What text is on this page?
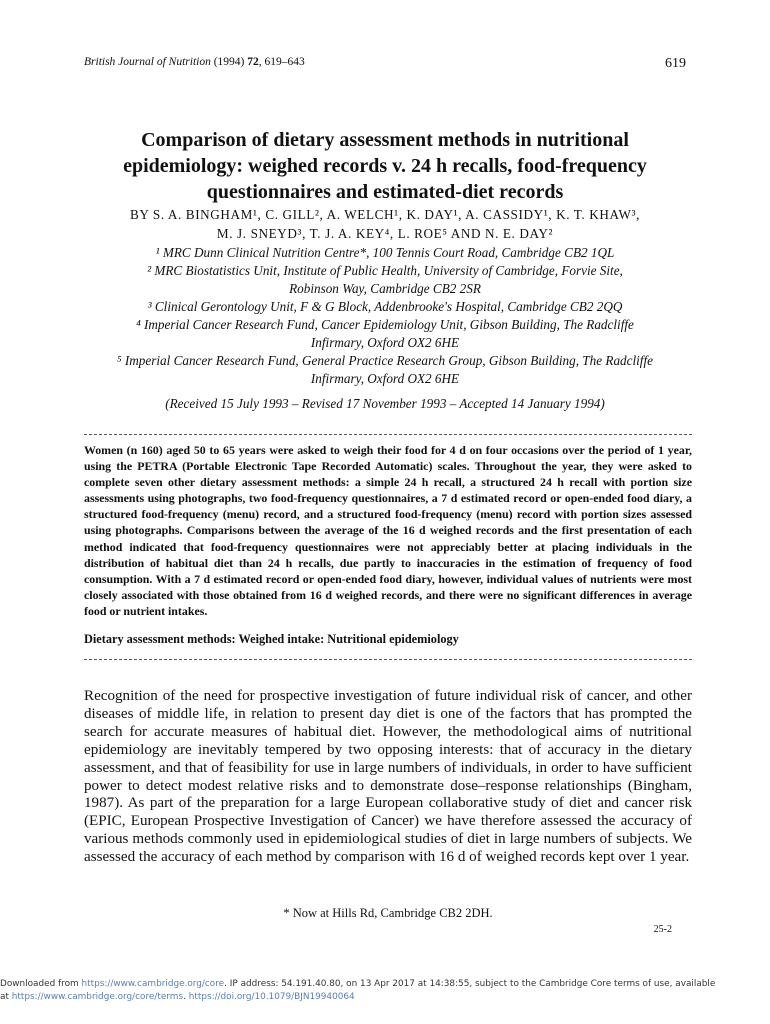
British Journal of Nutrition (1994) 72, 619–643	619
Comparison of dietary assessment methods in nutritional
epidemiology: weighed records v. 24 h recalls, food-frequency
questionnaires and estimated-diet records
BY S. A. BINGHAM¹, C. GILL², A. WELCH¹, K. DAY¹, A. CASSIDY¹, K. T. KHAW³,
M. J. SNEYD³, T. J. A. KEY⁴, L. ROE⁵ AND N. E. DAY²
¹ MRC Dunn Clinical Nutrition Centre*, 100 Tennis Court Road, Cambridge CB2 1QL
² MRC Biostatistics Unit, Institute of Public Health, University of Cambridge, Forvie Site,
Robinson Way, Cambridge CB2 2SR
³ Clinical Gerontology Unit, F & G Block, Addenbrooke's Hospital, Cambridge CB2 2QQ
⁴ Imperial Cancer Research Fund, Cancer Epidemiology Unit, Gibson Building, The Radcliffe
Infirmary, Oxford OX2 6HE
⁵ Imperial Cancer Research Fund, General Practice Research Group, Gibson Building, The Radcliffe
Infirmary, Oxford OX2 6HE
(Received 15 July 1993 – Revised 17 November 1993 – Accepted 14 January 1994)
Women (n 160) aged 50 to 65 years were asked to weigh their food for 4 d on four occasions over the period of 1 year, using the PETRA (Portable Electronic Tape Recorded Automatic) scales. Throughout the year, they were asked to complete seven other dietary assessment methods: a simple 24 h recall, a structured 24 h recall with portion size assessments using photographs, two food-frequency questionnaires, a 7 d estimated record or open-ended food diary, a structured food-frequency (menu) record, and a structured food-frequency (menu) record with portion sizes assessed using photographs. Comparisons between the average of the 16 d weighed records and the first presentation of each method indicated that food-frequency questionnaires were not appreciably better at placing individuals in the distribution of habitual diet than 24 h recalls, due partly to inaccuracies in the estimation of frequency of food consumption. With a 7 d estimated record or open-ended food diary, however, individual values of nutrients were most closely associated with those obtained from 16 d weighed records, and there were no significant differences in average food or nutrient intakes.
Dietary assessment methods: Weighed intake: Nutritional epidemiology
Recognition of the need for prospective investigation of future individual risk of cancer, and other diseases of middle life, in relation to present day diet is one of the factors that has prompted the search for accurate measures of habitual diet. However, the methodological aims of nutritional epidemiology are inevitably tempered by two opposing interests: that of accuracy in the dietary assessment, and that of feasibility for use in large numbers of individuals, in order to have sufficient power to detect modest relative risks and to demonstrate dose–response relationships (Bingham, 1987). As part of the preparation for a large European collaborative study of diet and cancer risk (EPIC, European Prospective Investigation of Cancer) we have therefore assessed the accuracy of various methods commonly used in epidemiological studies of diet in large numbers of subjects. We assessed the accuracy of each method by comparison with 16 d of weighed records kept over 1 year.
* Now at Hills Rd, Cambridge CB2 2DH.
25-2
Downloaded from https://www.cambridge.org/core. IP address: 54.191.40.80, on 13 Apr 2017 at 14:38:55, subject to the Cambridge Core terms of use, available
at https://www.cambridge.org/core/terms. https://doi.org/10.1079/BJN19940064
